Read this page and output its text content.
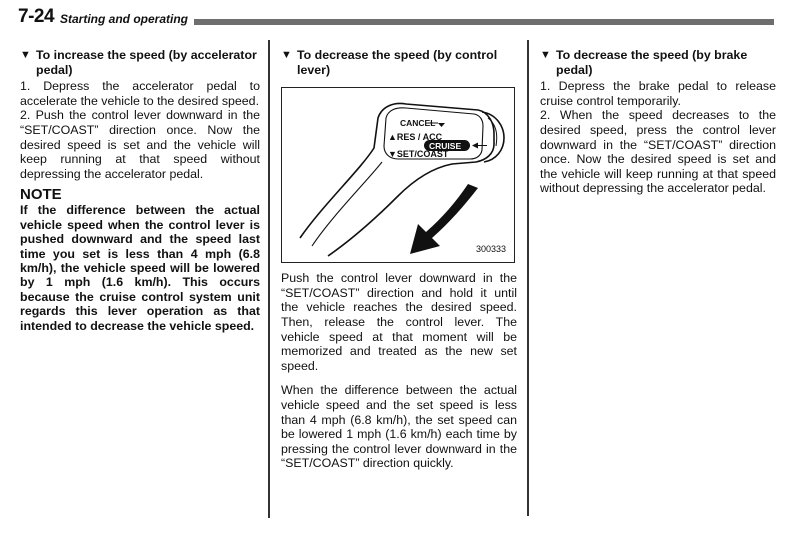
7-24 Starting and operating
▼ To increase the speed (by accelerator pedal)

1. Depress the accelerator pedal to accelerate the vehicle to the desired speed.

2. Push the control lever downward in the “SET/COAST” direction once. Now the desired speed is set and the vehicle will keep running at that speed without depressing the accelerator pedal.

NOTE

If the difference between the actual vehicle speed when the control lever is pushed downward and the speed last time you set is less than 4 mph (6.8 km/h), the vehicle speed will be lowered by 1 mph (1.6 km/h). This occurs because the cruise control system unit regards this lever operation as that intended to decrease the vehicle speed.

▼ To decrease the speed (by control lever)
CANCEL
▲RES / ACC
CRUISE
▼SET/COAST
300333

Push the control lever downward in the “SET/COAST” direction and hold it until the vehicle reaches the desired speed. Then, release the control lever. The vehicle speed at that moment will be memorized and treated as the new set speed.

When the difference between the actual vehicle speed and the set speed is less than 4 mph (6.8 km/h), the set speed can be lowered 1 mph (1.6 km/h) each time by pressing the control lever downward in the “SET/COAST” direction quickly.

▼ To decrease the speed (by brake pedal)

1. Depress the brake pedal to release cruise control temporarily.

2. When the speed decreases to the desired speed, press the control lever downward in the “SET/COAST” direction once. Now the desired speed is set and the vehicle will keep running at that speed without depressing the accelerator pedal.
